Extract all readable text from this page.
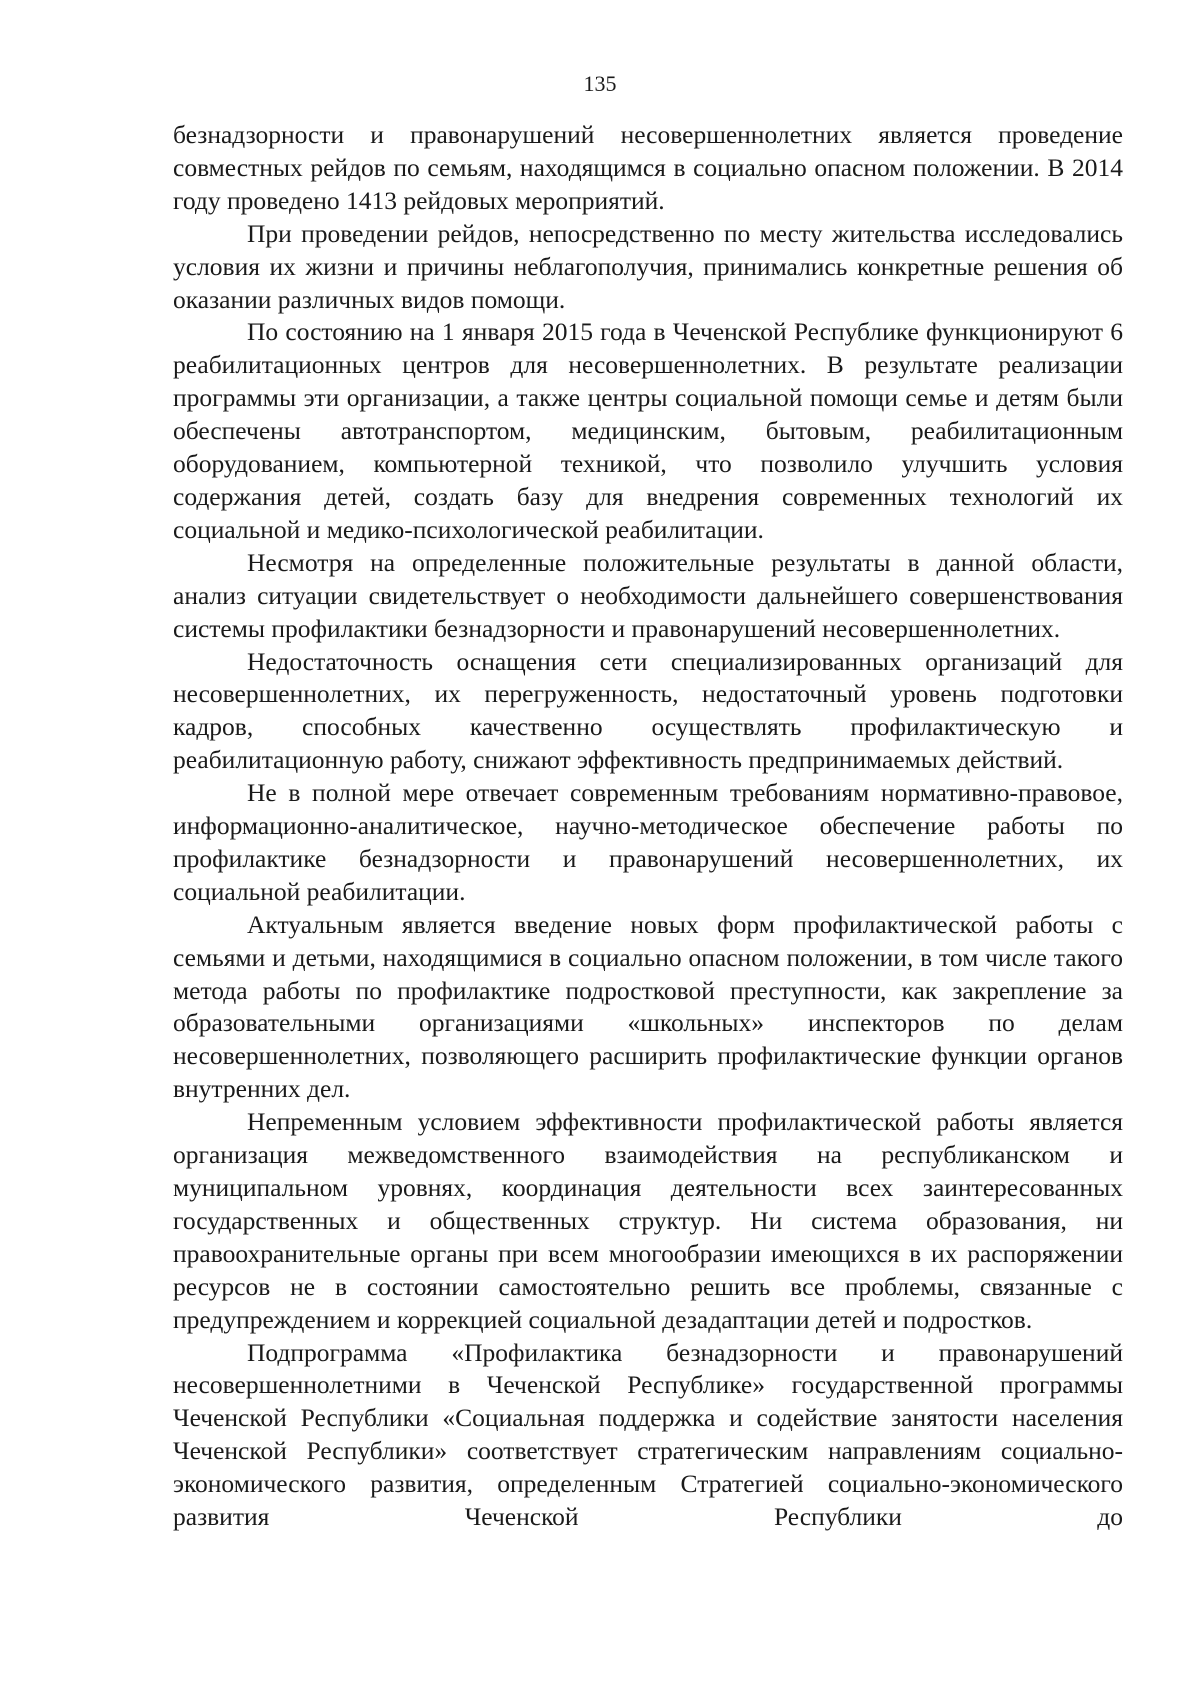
135

безнадзорности и правонарушений несовершеннолетних является проведение совместных рейдов по семьям, находящимся в социально опасном положении. В 2014 году проведено 1413 рейдовых мероприятий.

При проведении рейдов, непосредственно по месту жительства исследовались условия их жизни и причины неблагополучия, принимались конкретные решения об оказании различных видов помощи.

По состоянию на 1 января 2015 года в Чеченской Республике функционируют 6 реабилитационных центров для несовершеннолетних. В результате реализации программы эти организации, а также центры социальной помощи семье и детям были обеспечены автотранспортом, медицинским, бытовым, реабилитационным оборудованием, компьютерной техникой, что позволило улучшить условия содержания детей, создать базу для внедрения современных технологий их социальной и медико-психологической реабилитации.

Несмотря на определенные положительные результаты в данной области, анализ ситуации свидетельствует о необходимости дальнейшего совершенствования системы профилактики безнадзорности и правонарушений несовершеннолетних.

Недостаточность оснащения сети специализированных организаций для несовершеннолетних, их перегруженность, недостаточный уровень подготовки кадров, способных качественно осуществлять профилактическую и реабилитационную работу, снижают эффективность предпринимаемых действий.

Не в полной мере отвечает современным требованиям нормативно-правовое, информационно-аналитическое, научно-методическое обеспечение работы по профилактике безнадзорности и правонарушений несовершеннолетних, их социальной реабилитации.

Актуальным является введение новых форм профилактической работы с семьями и детьми, находящимися в социально опасном положении, в том числе такого метода работы по профилактике подростковой преступности, как закрепление за образовательными организациями «школьных» инспекторов по делам несовершеннолетних, позволяющего расширить профилактические функции органов внутренних дел.

Непременным условием эффективности профилактической работы является организация межведомственного взаимодействия на республиканском и муниципальном уровнях, координация деятельности всех заинтересованных государственных и общественных структур. Ни система образования, ни правоохранительные органы при всем многообразии имеющихся в их распоряжении ресурсов не в состоянии самостоятельно решить все проблемы, связанные с предупреждением и коррекцией социальной дезадаптации детей и подростков.

Подпрограмма «Профилактика безнадзорности и правонарушений несовершеннолетними в Чеченской Республике» государственной программы Чеченской Республики «Социальная поддержка и содействие занятости населения Чеченской Республики» соответствует стратегическим направлениям социально-экономического развития, определенным Стратегией социально-экономического развития Чеченской Республики до
